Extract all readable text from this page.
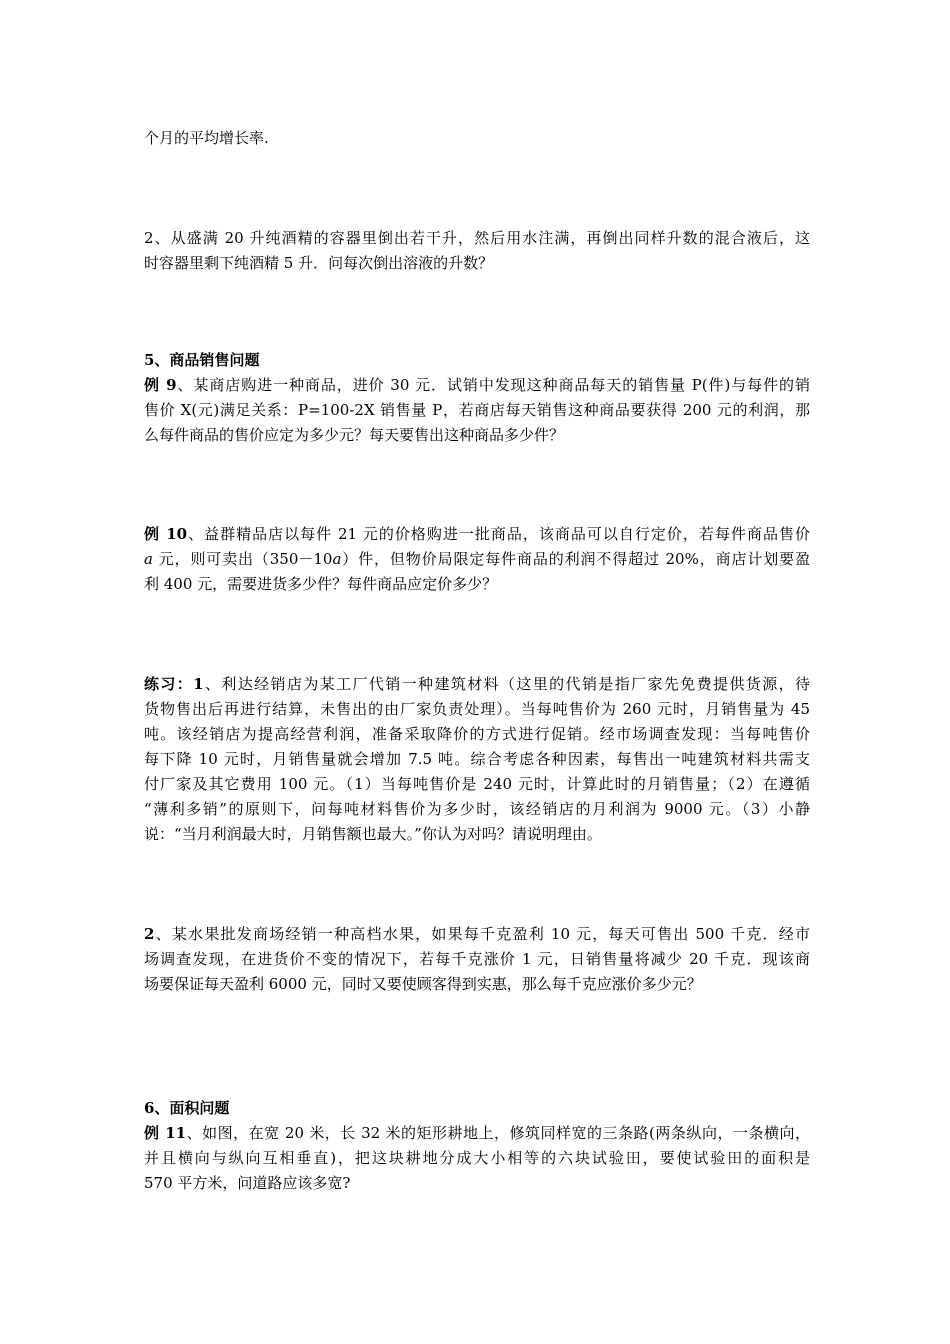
个月的平均增长率.
2、从盛满 20 升纯酒精的容器里倒出若干升，然后用水注满，再倒出同样升数的混合液后，这
时容器里剩下纯酒精 5 升．问每次倒出溶液的升数？
5、商品销售问题
例 9、某商店购进一种商品，进价 30 元．试销中发现这种商品每天的销售量 P(件)与每件的销
售价 X(元)满足关系：P=100-2X 销售量 P，若商店每天销售这种商品要获得 200 元的利润，那
么每件商品的售价应定为多少元？每天要售出这种商品多少件？
例 10、益群精品店以每件 21 元的价格购进一批商品，该商品可以自行定价，若每件商品售价
a 元，则可卖出（350－10a）件，但物价局限定每件商品的利润不得超过 20%，商店计划要盈
利 400 元，需要进货多少件？每件商品应定价多少？
练习：1、利达经销店为某工厂代销一种建筑材料（这里的代销是指厂家先免费提供货源，待
货物售出后再进行结算，未售出的由厂家负责处理）。当每吨售价为 260 元时，月销售量为 45
吨。该经销店为提高经营利润，准备采取降价的方式进行促销。经市场调查发现：当每吨售价
每下降 10 元时，月销售量就会增加 7.5 吨。综合考虑各种因素，每售出一吨建筑材料共需支
付厂家及其它费用 100 元。（1）当每吨售价是 240 元时，计算此时的月销售量；（2）在遵循
“薄利多销”的原则下，问每吨材料售价为多少时，该经销店的月利润为 9000 元。（3）小静
说：“当月利润最大时，月销售额也最大。”你认为对吗？请说明理由。
2、某水果批发商场经销一种高档水果，如果每千克盈利 10 元，每天可售出 500 千克．经市
场调查发现，在进货价不变的情况下，若每千克涨价 1 元，日销售量将减少 20 千克．现该商
场要保证每天盈利 6000 元，同时又要使顾客得到实惠，那么每千克应涨价多少元？
6、面积问题
例 11、如图，在宽 20 米，长 32 米的矩形耕地上，修筑同样宽的三条路(两条纵向，一条横向，
并且横向与纵向互相垂直)，把这块耕地分成大小相等的六块试验田，要使试验田的面积是
570 平方米，问道路应该多宽?
